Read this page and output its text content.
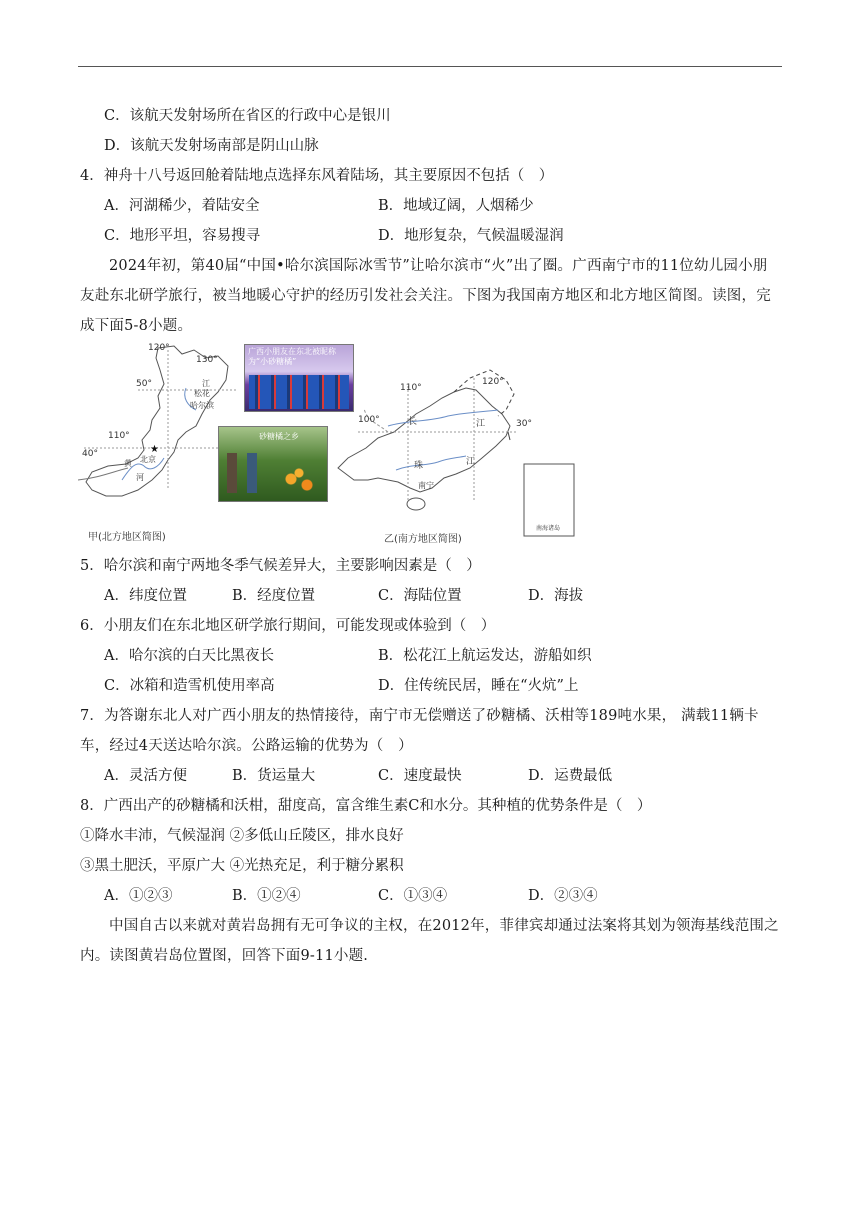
C．该航天发射场所在省区的行政中心是银川
D．该航天发射场南部是阴山山脉
4．神舟十八号返回舱着陆地点选择东风着陆场，其主要原因不包括（　）
A．河湖稀少，着陆安全	B．地域辽阔，人烟稀少
C．地形平坦，容易搜寻	D．地形复杂，气候温暖湿润
2024年初，第40届“中国•哈尔滨国际冰雪节”让哈尔滨市“火”出了圈。广西南宁市的11位幼儿园小朋友赴东北研学旅行，被当地暖心守护的经历引发社会关注。下图为我国南方地区和北方地区简图。读图，完成下面5-8小题。
120°
130°
50°
40°
110°
松花
江
哈尔滨
★
北京
黄
河
110°
120°
100°	30°
长	江
珠	江
南宁
南海诸岛
广西小朋友在东北被昵称为“小砂糖橘”
砂糖橘之乡
甲(北方地区简图)	乙(南方地区简图)
5．哈尔滨和南宁两地冬季气候差异大，主要影响因素是（　）
A．纬度位置	B．经度位置	C．海陆位置	D．海拔
6．小朋友们在东北地区研学旅行期间，可能发现或体验到（　）
A．哈尔滨的白天比黑夜长	B．松花江上航运发达，游船如织
C．冰箱和造雪机使用率高	D．住传统民居，睡在“火炕”上
7．为答谢东北人对广西小朋友的热情接待，南宁市无偿赠送了砂糖橘、沃柑等189吨水果， 满载11辆卡车，经过4天送达哈尔滨。公路运输的优势为（　）
A．灵活方便	B．货运量大	C．速度最快	D．运费最低
8．广西出产的砂糖橘和沃柑，甜度高，富含维生素C和水分。其种植的优势条件是（　）
①降水丰沛，气候湿润 ②多低山丘陵区，排水良好
③黑土肥沃，平原广大 ④光热充足，利于糖分累积
A．①②③	B．①②④	C．①③④	D．②③④
中国自古以来就对黄岩岛拥有无可争议的主权，在2012年，菲律宾却通过法案将其划为领海基线范围之内。读图黄岩岛位置图，回答下面9-11小题.
